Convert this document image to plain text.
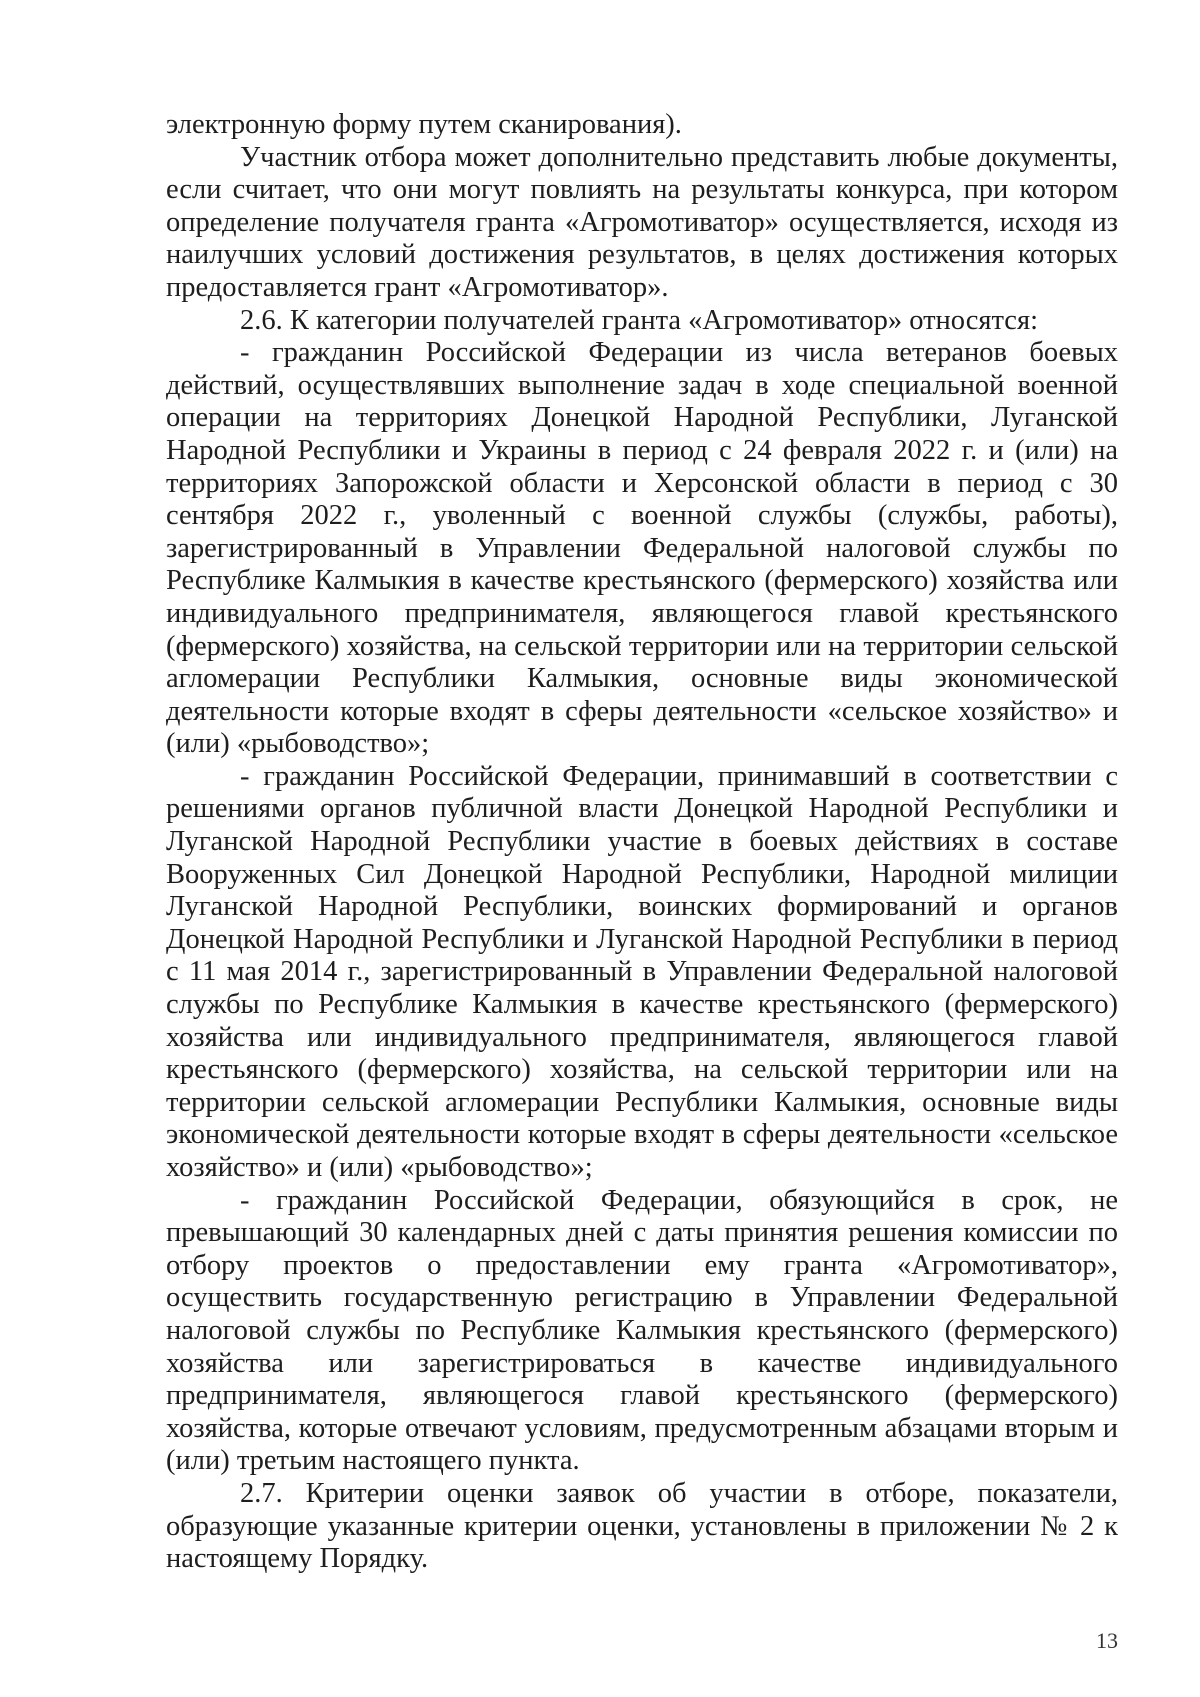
электронную форму путем сканирования).

Участник отбора может дополнительно представить любые документы, если считает, что они могут повлиять на результаты конкурса, при котором определение получателя гранта «Агромотиватор» осуществляется, исходя из наилучших условий достижения результатов, в целях достижения которых предоставляется грант «Агромотиватор».

2.6. К категории получателей гранта «Агромотиватор» относятся:

- гражданин Российской Федерации из числа ветеранов боевых действий, осуществлявших выполнение задач в ходе специальной военной операции на территориях Донецкой Народной Республики, Луганской Народной Республики и Украины в период с 24 февраля 2022 г. и (или) на территориях Запорожской области и Херсонской области в период с 30 сентября 2022 г., уволенный с военной службы (службы, работы), зарегистрированный в Управлении Федеральной налоговой службы по Республике Калмыкия в качестве крестьянского (фермерского) хозяйства или индивидуального предпринимателя, являющегося главой крестьянского (фермерского) хозяйства, на сельской территории или на территории сельской агломерации Республики Калмыкия, основные виды экономической деятельности которые входят в сферы деятельности «сельское хозяйство» и (или) «рыбоводство»;

- гражданин Российской Федерации, принимавший в соответствии с решениями органов публичной власти Донецкой Народной Республики и Луганской Народной Республики участие в боевых действиях в составе Вооруженных Сил Донецкой Народной Республики, Народной милиции Луганской Народной Республики, воинских формирований и органов Донецкой Народной Республики и Луганской Народной Республики в период с 11 мая 2014 г., зарегистрированный в Управлении Федеральной налоговой службы по Республике Калмыкия в качестве крестьянского (фермерского) хозяйства или индивидуального предпринимателя, являющегося главой крестьянского (фермерского) хозяйства, на сельской территории или на территории сельской агломерации Республики Калмыкия, основные виды экономической деятельности которые входят в сферы деятельности «сельское хозяйство» и (или) «рыбоводство»;

- гражданин Российской Федерации, обязующийся в срок, не превышающий 30 календарных дней с даты принятия решения комиссии по отбору проектов о предоставлении ему гранта «Агромотиватор», осуществить государственную регистрацию в Управлении Федеральной налоговой службы по Республике Калмыкия крестьянского (фермерского) хозяйства или зарегистрироваться в качестве индивидуального предпринимателя, являющегося главой крестьянского (фермерского) хозяйства, которые отвечают условиям, предусмотренным абзацами вторым и (или) третьим настоящего пункта.

2.7. Критерии оценки заявок об участии в отборе, показатели, образующие указанные критерии оценки, установлены в приложении № 2 к настоящему Порядку.

13
